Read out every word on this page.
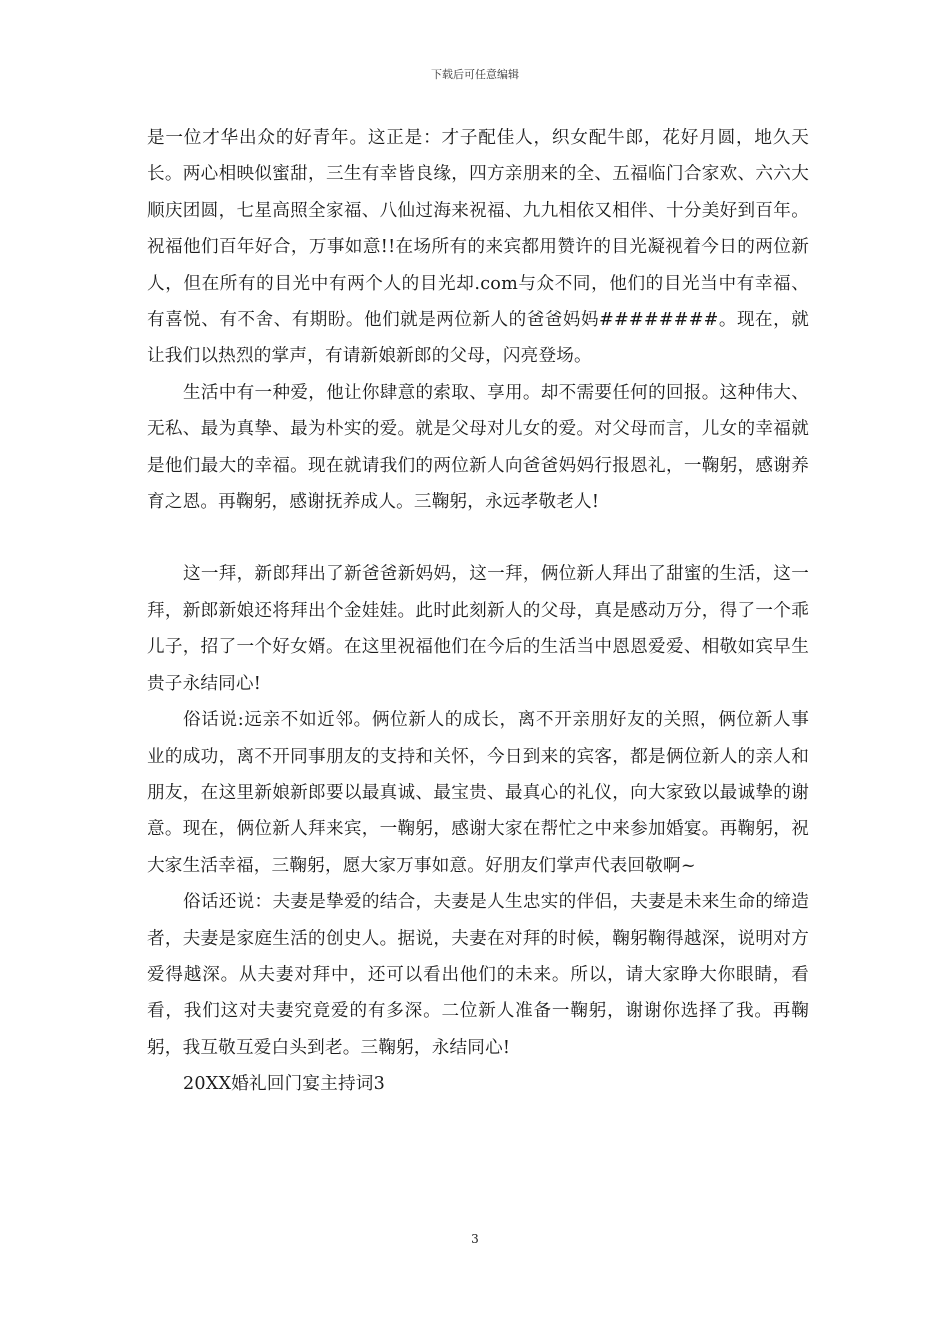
下载后可任意编辑

是一位才华出众的好青年。这正是：才子配佳人，织女配牛郎，花好月圆，地久天长。两心相映似蜜甜，三生有幸皆良缘，四方亲朋来的全、五福临门合家欢、六六大顺庆团圆，七星高照全家福、八仙过海来祝福、九九相依又相伴、十分美好到百年。祝福他们百年好合，万事如意!!在场所有的来宾都用赞许的目光凝视着今日的两位新人，但在所有的目光中有两个人的目光却.com与众不同，他们的目光当中有幸福、有喜悦、有不舍、有期盼。他们就是两位新人的爸爸妈妈########。现在，就让我们以热烈的掌声，有请新娘新郎的父母，闪亮登场。

生活中有一种爱，他让你肆意的索取、享用。却不需要任何的回报。这种伟大、无私、最为真挚、最为朴实的爱。就是父母对儿女的爱。对父母而言，儿女的幸福就是他们最大的幸福。现在就请我们的两位新人向爸爸妈妈行报恩礼，一鞠躬，感谢养育之恩。再鞠躬，感谢抚养成人。三鞠躬，永远孝敬老人!

这一拜，新郎拜出了新爸爸新妈妈，这一拜，俩位新人拜出了甜蜜的生活，这一拜，新郎新娘还将拜出个金娃娃。此时此刻新人的父母，真是感动万分，得了一个乖儿子，招了一个好女婿。在这里祝福他们在今后的生活当中恩恩爱爱、相敬如宾早生贵子永结同心!

俗话说:远亲不如近邻。俩位新人的成长，离不开亲朋好友的关照，俩位新人事业的成功，离不开同事朋友的支持和关怀，今日到来的宾客，都是俩位新人的亲人和朋友，在这里新娘新郎要以最真诚、最宝贵、最真心的礼仪，向大家致以最诚挚的谢意。现在，俩位新人拜来宾，一鞠躬，感谢大家在帮忙之中来参加婚宴。再鞠躬，祝大家生活幸福，三鞠躬，愿大家万事如意。好朋友们掌声代表回敬啊~

俗话还说：夫妻是挚爱的结合，夫妻是人生忠实的伴侣，夫妻是未来生命的缔造者，夫妻是家庭生活的创史人。据说，夫妻在对拜的时候，鞠躬鞠得越深，说明对方爱得越深。从夫妻对拜中，还可以看出他们的未来。所以，请大家睁大你眼睛，看看，我们这对夫妻究竟爱的有多深。二位新人准备一鞠躬，谢谢你选择了我。再鞠躬，我互敬互爱白头到老。三鞠躬，永结同心!

20XX婚礼回门宴主持词3

3
